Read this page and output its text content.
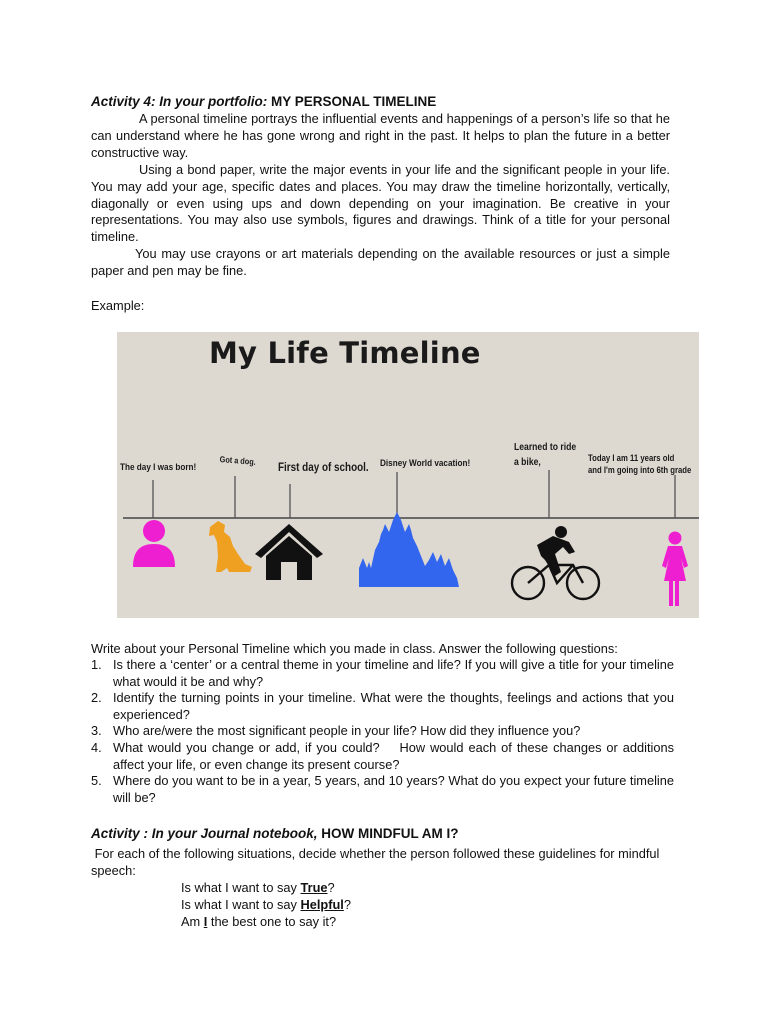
Activity 4: In your portfolio: MY PERSONAL TIMELINE
A personal timeline portrays the influential events and happenings of a person’s life so that he can understand where he has gone wrong and right in the past. It helps to plan the future in a better constructive way.
Using a bond paper, write the major events in your life and the significant people in your life. You may add your age, specific dates and places. You may draw the timeline horizontally, vertically, diagonally or even using ups and down depending on your imagination. Be creative in your representations. You may also use symbols, figures and drawings. Think of a title for your personal timeline.
You may use crayons or art materials depending on the available resources or just a simple paper and pen may be fine.
Example:
My Life Timeline
The day I was born!
Got a dog.
First day of school. Disney World vacation!
Learned to ride
a bike,	Today I am 11 years old
and I'm going into 6th grade
Write about your Personal Timeline which you made in class. Answer the following questions:
1. Is there a ‘center’ or a central theme in your timeline and life? If you will give a title for your timeline what would it be and why?
2. Identify the turning points in your timeline. What were the thoughts, feelings and actions that you experienced?
3. Who are/were the most significant people in your life? How did they influence you?
4. What would you change or add, if you could?    How would each of these changes or additions affect your life, or even change its present course?
5. Where do you want to be in a year, 5 years, and 10 years? What do you expect your future timeline will be?
Activity : In your Journal notebook, HOW MINDFUL AM I?
For each of the following situations, decide whether the person followed these guidelines for mindful speech:
Is what I want to say True?
Is what I want to say Helpful?
Am I the best one to say it?
